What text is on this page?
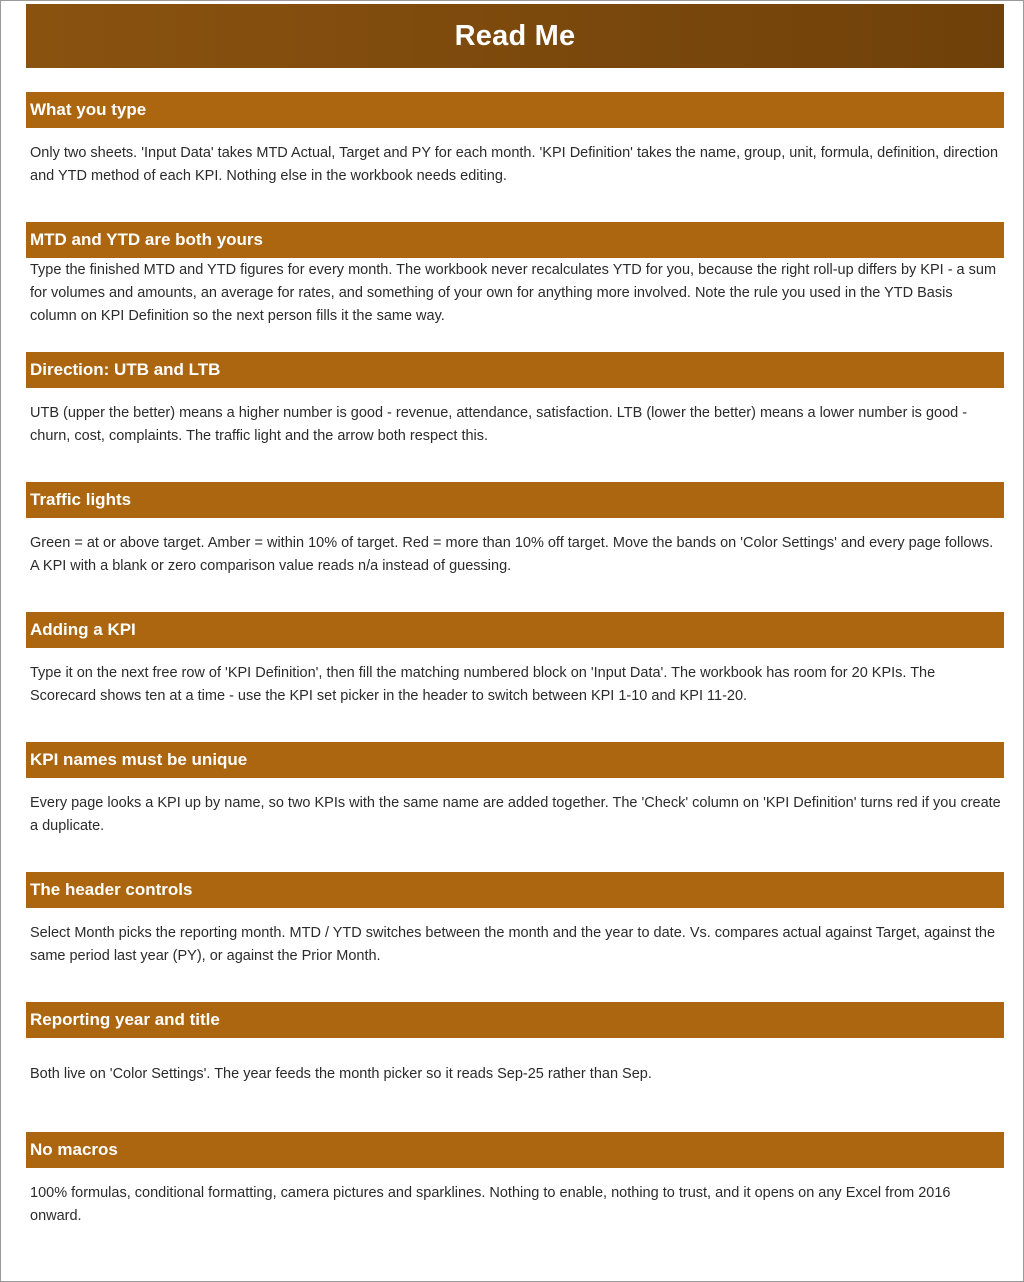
Read Me
What you type
Only two sheets. 'Input Data' takes MTD Actual, Target and PY for each month. 'KPI Definition' takes the name, group, unit, formula, definition, direction and YTD method of each KPI. Nothing else in the workbook needs editing.
MTD and YTD are both yours
Type the finished MTD and YTD figures for every month. The workbook never recalculates YTD for you, because the right roll-up differs by KPI - a sum for volumes and amounts, an average for rates, and something of your own for anything more involved. Note the rule you used in the YTD Basis column on KPI Definition so the next person fills it the same way.
Direction: UTB and LTB
UTB (upper the better) means a higher number is good - revenue, attendance, satisfaction. LTB (lower the better) means a lower number is good - churn, cost, complaints. The traffic light and the arrow both respect this.
Traffic lights
Green = at or above target. Amber = within 10% of target. Red = more than 10% off target. Move the bands on 'Color Settings' and every page follows. A KPI with a blank or zero comparison value reads n/a instead of guessing.
Adding a KPI
Type it on the next free row of 'KPI Definition', then fill the matching numbered block on 'Input Data'. The workbook has room for 20 KPIs. The Scorecard shows ten at a time - use the KPI set picker in the header to switch between KPI 1-10 and KPI 11-20.
KPI names must be unique
Every page looks a KPI up by name, so two KPIs with the same name are added together. The 'Check' column on 'KPI Definition' turns red if you create a duplicate.
The header controls
Select Month picks the reporting month. MTD / YTD switches between the month and the year to date. Vs. compares actual against Target, against the same period last year (PY), or against the Prior Month.
Reporting year and title
Both live on 'Color Settings'. The year feeds the month picker so it reads Sep-25 rather than Sep.
No macros
100% formulas, conditional formatting, camera pictures and sparklines. Nothing to enable, nothing to trust, and it opens on any Excel from 2016 onward.
